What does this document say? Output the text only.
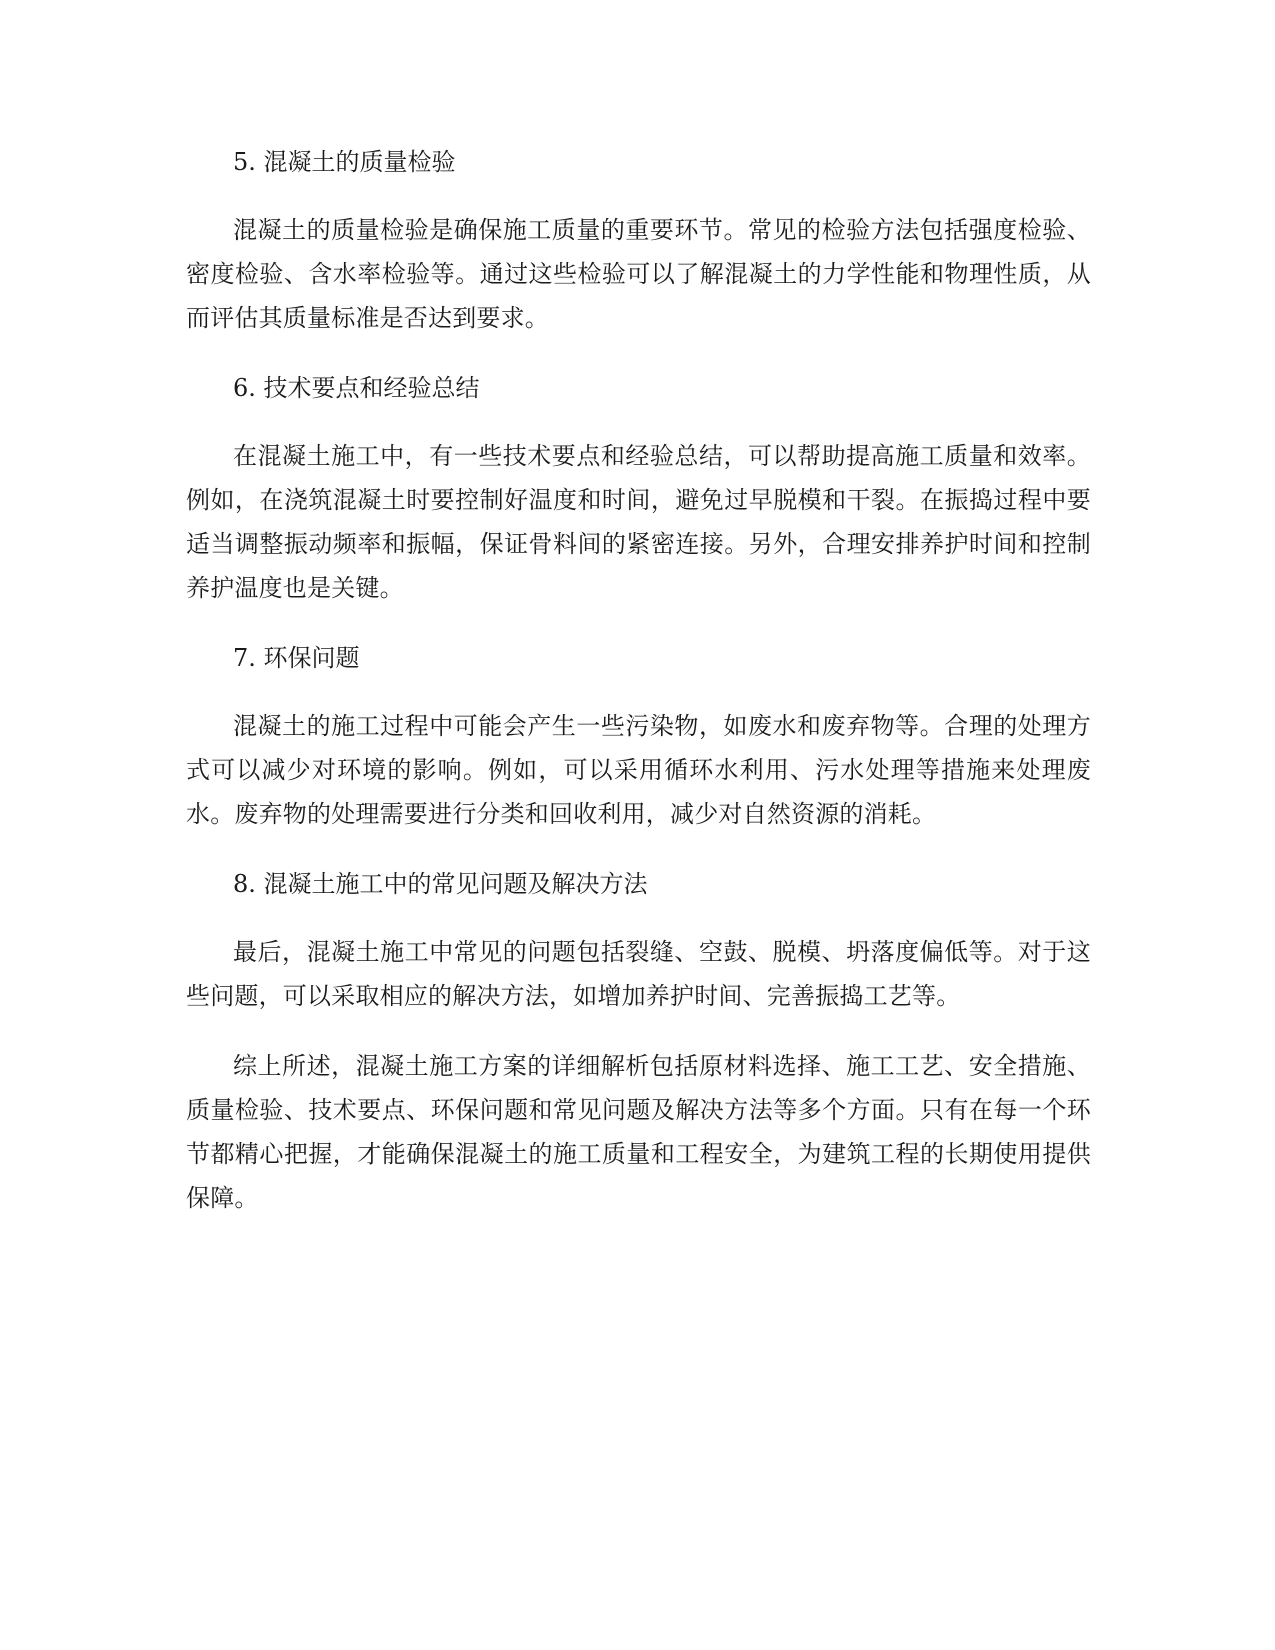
5. 混凝土的质量检验

混凝土的质量检验是确保施工质量的重要环节。常见的检验方法包括强度检验、密度检验、含水率检验等。通过这些检验可以了解混凝土的力学性能和物理性质，从而评估其质量标准是否达到要求。

6. 技术要点和经验总结

在混凝土施工中，有一些技术要点和经验总结，可以帮助提高施工质量和效率。例如，在浇筑混凝土时要控制好温度和时间，避免过早脱模和干裂。在振捣过程中要适当调整振动频率和振幅，保证骨料间的紧密连接。另外，合理安排养护时间和控制养护温度也是关键。

7. 环保问题

混凝土的施工过程中可能会产生一些污染物，如废水和废弃物等。合理的处理方式可以减少对环境的影响。例如，可以采用循环水利用、污水处理等措施来处理废水。废弃物的处理需要进行分类和回收利用，减少对自然资源的消耗。

8. 混凝土施工中的常见问题及解决方法

最后，混凝土施工中常见的问题包括裂缝、空鼓、脱模、坍落度偏低等。对于这些问题，可以采取相应的解决方法，如增加养护时间、完善振捣工艺等。

综上所述，混凝土施工方案的详细解析包括原材料选择、施工工艺、安全措施、质量检验、技术要点、环保问题和常见问题及解决方法等多个方面。只有在每一个环节都精心把握，才能确保混凝土的施工质量和工程安全，为建筑工程的长期使用提供保障。
